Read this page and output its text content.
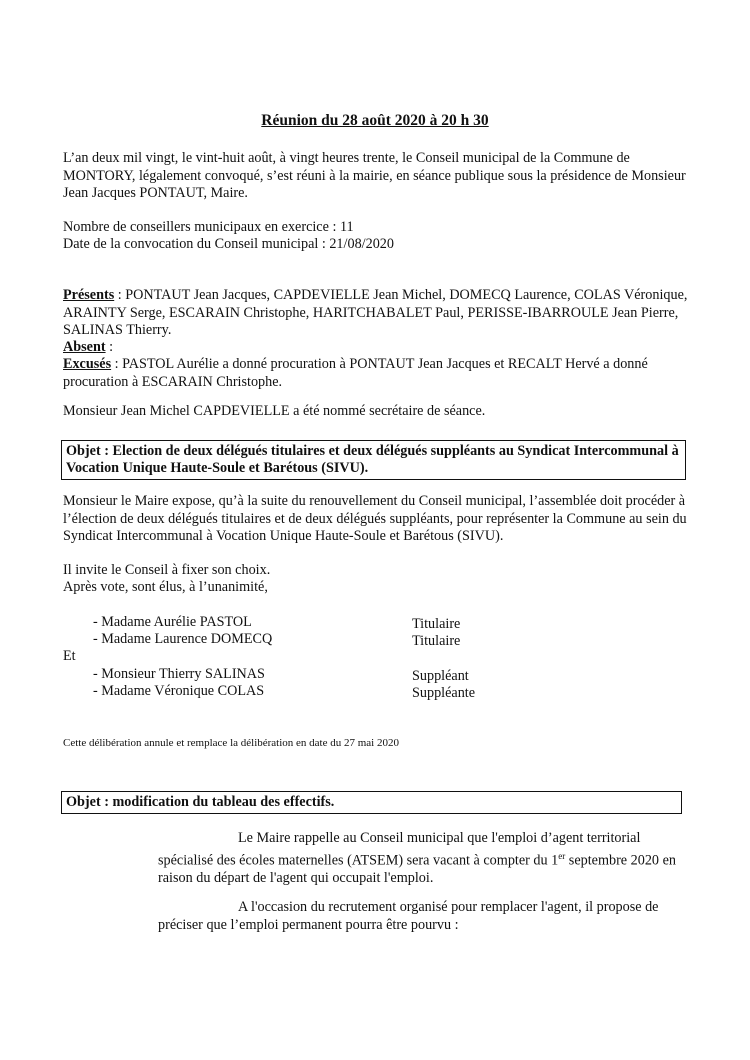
Réunion du 28 août 2020 à 20 h 30

L’an deux mil vingt, le vint-huit août, à vingt heures trente, le Conseil municipal de la Commune de MONTORY, légalement convoqué, s’est réuni à la mairie, en séance publique sous la présidence de Monsieur Jean Jacques PONTAUT, Maire.

Nombre de conseillers municipaux en exercice : 11

Date de la convocation du Conseil municipal : 21/08/2020

Présents : PONTAUT Jean Jacques, CAPDEVIELLE Jean Michel, DOMECQ Laurence, COLAS Véronique, ARAINTY Serge, ESCARAIN Christophe, HARITCHABALET Paul, PERISSE-IBARROULE Jean Pierre, SALINAS Thierry.

Absent :

Excusés : PASTOL Aurélie a donné procuration à PONTAUT Jean Jacques et RECALT Hervé a donné procuration à ESCARAIN Christophe.

Monsieur Jean Michel CAPDEVIELLE a été nommé secrétaire de séance.

Objet : Election de deux délégués titulaires et deux délégués suppléants au Syndicat Intercommunal à Vocation Unique Haute-Soule et Barétous (SIVU).

Monsieur le Maire expose, qu’à la suite du renouvellement du Conseil municipal, l’assemblée doit procéder à l’élection de deux délégués titulaires et de deux délégués suppléants, pour représenter la Commune au sein du Syndicat Intercommunal à Vocation Unique Haute-Soule et Barétous (SIVU).

Il invite le Conseil à fixer son choix.

Après vote, sont élus, à l’unanimité,

- Madame Aurélie PASTOL	Titulaire
- Madame Laurence DOMECQ	Titulaire
Et
- Monsieur Thierry SALINAS	Suppléant
- Madame Véronique COLAS	Suppléante

Cette délibération annule et remplace la délibération en date du 27 mai 2020

Objet : modification du tableau des effectifs.

Le Maire rappelle au Conseil municipal que l'emploi d’agent territorial spécialisé des écoles maternelles (ATSEM) sera vacant à compter du 1er septembre 2020 en raison du départ de l'agent qui occupait l'emploi.

A l'occasion du recrutement organisé pour remplacer l'agent, il propose de préciser que l’emploi permanent pourra être pourvu :
